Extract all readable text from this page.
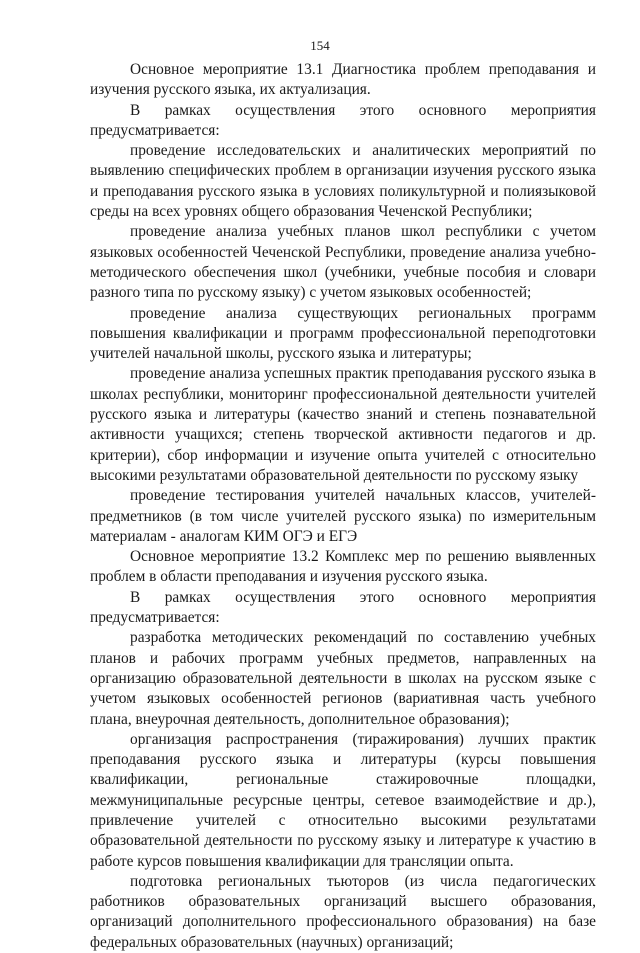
154

Основное мероприятие 13.1 Диагностика проблем преподавания и изучения русского языка, их актуализация.

В рамках осуществления этого основного мероприятия предусматривается:

проведение исследовательских и аналитических мероприятий по выявлению специфических проблем в организации изучения русского языка и преподавания русского языка в условиях поликультурной и полиязыковой среды на всех уровнях общего образования Чеченской Республики;

проведение анализа учебных планов школ республики с учетом языковых особенностей Чеченской Республики, проведение анализа учебно-методического обеспечения школ (учебники, учебные пособия и словари разного типа по русскому языку) с учетом языковых особенностей;

проведение анализа существующих региональных программ повышения квалификации и программ профессиональной переподготовки учителей начальной школы, русского языка и литературы;

проведение анализа успешных практик преподавания русского языка в школах республики, мониторинг профессиональной деятельности учителей русского языка и литературы (качество знаний и степень познавательной активности учащихся; степень творческой активности педагогов и др. критерии), сбор информации и изучение опыта учителей с относительно высокими результатами образовательной деятельности по русскому языку

проведение тестирования учителей начальных классов, учителей-предметников (в том числе учителей русского языка) по измерительным материалам - аналогам КИМ ОГЭ и ЕГЭ

Основное мероприятие 13.2 Комплекс мер по решению выявленных проблем в области преподавания и изучения русского языка.

В рамках осуществления этого основного мероприятия предусматривается:

разработка методических рекомендаций по составлению учебных планов и рабочих программ учебных предметов, направленных на организацию образовательной деятельности в школах на русском языке с учетом языковых особенностей регионов (вариативная часть учебного плана, внеурочная деятельность, дополнительное образования);

организация распространения (тиражирования) лучших практик преподавания русского языка и литературы (курсы повышения квалификации, региональные стажировочные площадки, межмуниципальные ресурсные центры, сетевое взаимодействие и др.), привлечение учителей с относительно высокими результатами образовательной деятельности по русскому языку и литературе к участию в работе курсов повышения квалификации для трансляции опыта.

подготовка региональных тьюторов (из числа педагогических работников образовательных организаций высшего образования, организаций дополнительного профессионального образования) на базе федеральных образовательных (научных) организаций;
